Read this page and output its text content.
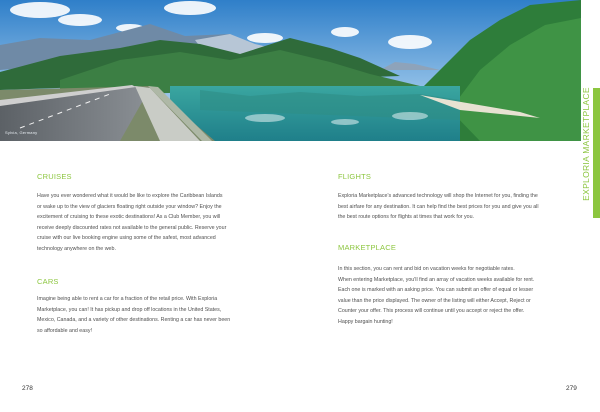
Sylvia, Germany	EXPLORIA MARKETPLACE
CRUISES
Have you ever wondered what it would be like to explore the Caribbean Islands
or wake up to the view of glaciers floating right outside your window? Enjoy the
excitement of cruising to these exotic destinations! As a Club Member, you will
receive deeply discounted rates not available to the general public. Reserve your
cruise with our live booking engine using some of the safest, most advanced
technology anywhere on the web.
CARS
Imagine being able to rent a car for a fraction of the retail price. With Exploria
Marketplace, you can! It has pickup and drop off locations in the United States,
Mexico, Canada, and a variety of other destinations. Renting a car has never been
so affordable and easy!
FLIGHTS
Exploria Marketplace's advanced technology will shop the Internet for you, finding the
best airfare for any destination. It can help find the best prices for you and give you all
the best route options for flights at times that work for you.
MARKETPLACE
In this section, you can rent and bid on vacation weeks for negotiable rates.
When entering Marketplace, you'll find an array of vacation weeks available for rent.
Each one is marked with an asking price. You can submit an offer of equal or lesser
value than the price displayed. The owner of the listing will either Accept, Reject or
Counter your offer. This process will continue until you accept or reject the offer.
Happy bargain hunting!
278	279
